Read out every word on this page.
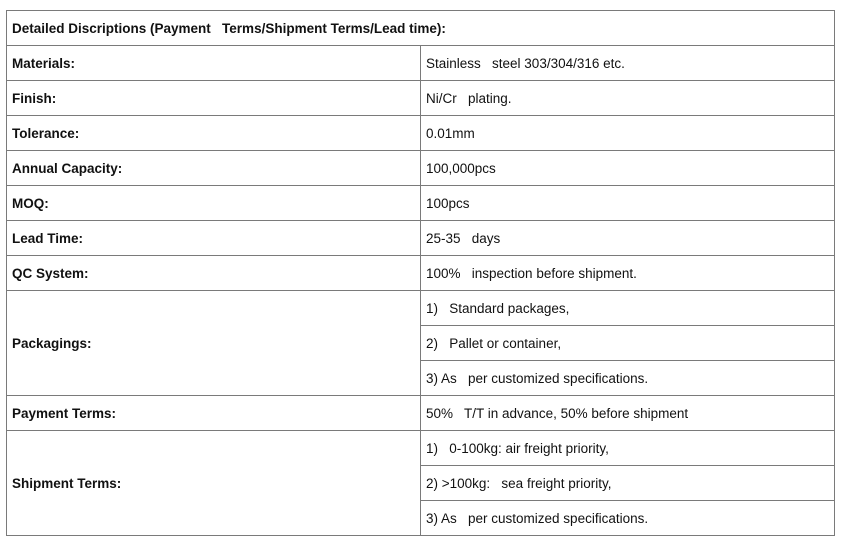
Detailed Discriptions (Payment   Terms/Shipment Terms/Lead time):	
Materials:	Stainless   steel 303/304/316 etc.
Finish:	Ni/Cr   plating.
Tolerance:	0.01mm
Annual Capacity:	100,000pcs
MOQ:	100pcs
Lead Time:	25-35   days
QC System:	100%   inspection before shipment.
Packagings:	1)   Standard packages,
	2)   Pallet or container,
	3) As   per customized specifications.
Payment Terms:	50%   T/T in advance, 50% before shipment
Shipment Terms:	1)   0-100kg: air freight priority,
	2) >100kg:   sea freight priority,
	3) As   per customized specifications.
